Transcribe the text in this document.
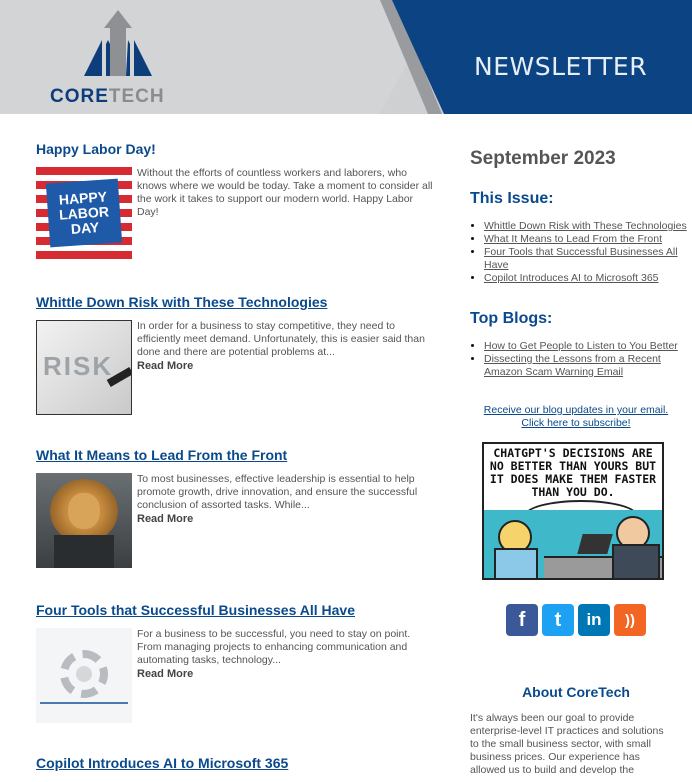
CORETECH
NEWSLETTER
Happy Labor Day!
HAPPY
LABOR
DAY
Without the efforts of countless workers and laborers, who knows where we would be today. Take a moment to consider all the work it takes to support our modern world. Happy Labor Day!
Whittle Down Risk with These Technologies
RISK
In order for a business to stay competitive, they need to efficiently meet demand. Unfortunately, this is easier said than done and there are potential problems at...
Read More
What It Means to Lead From the Front
To most businesses, effective leadership is essential to help promote growth, drive innovation, and ensure the successful conclusion of assorted tasks. While...
Read More
Four Tools that Successful Businesses All Have
For a business to be successful, you need to stay on point. From managing projects to enhancing communication and automating tasks, technology...
Read More
Copilot Introduces AI to Microsoft 365
September 2023
This Issue:
• Whittle Down Risk with These Technologies
• What It Means to Lead From the Front
• Four Tools that Successful Businesses All Have
• Copilot Introduces AI to Microsoft 365
Top Blogs:
• How to Get People to Listen to You Better
• Dissecting the Lessons from a Recent Amazon Scam Warning Email
Receive our blog updates in your email.
Click here to subscribe!
CHATGPT'S DECISIONS ARE NO BETTER THAN YOURS BUT IT DOES MAKE THEM FASTER THAN YOU DO.
f t in ))
About CoreTech
It's always been our goal to provide enterprise-level IT practices and solutions to the small business sector, with small business prices. Our experience has allowed us to build and develop the
